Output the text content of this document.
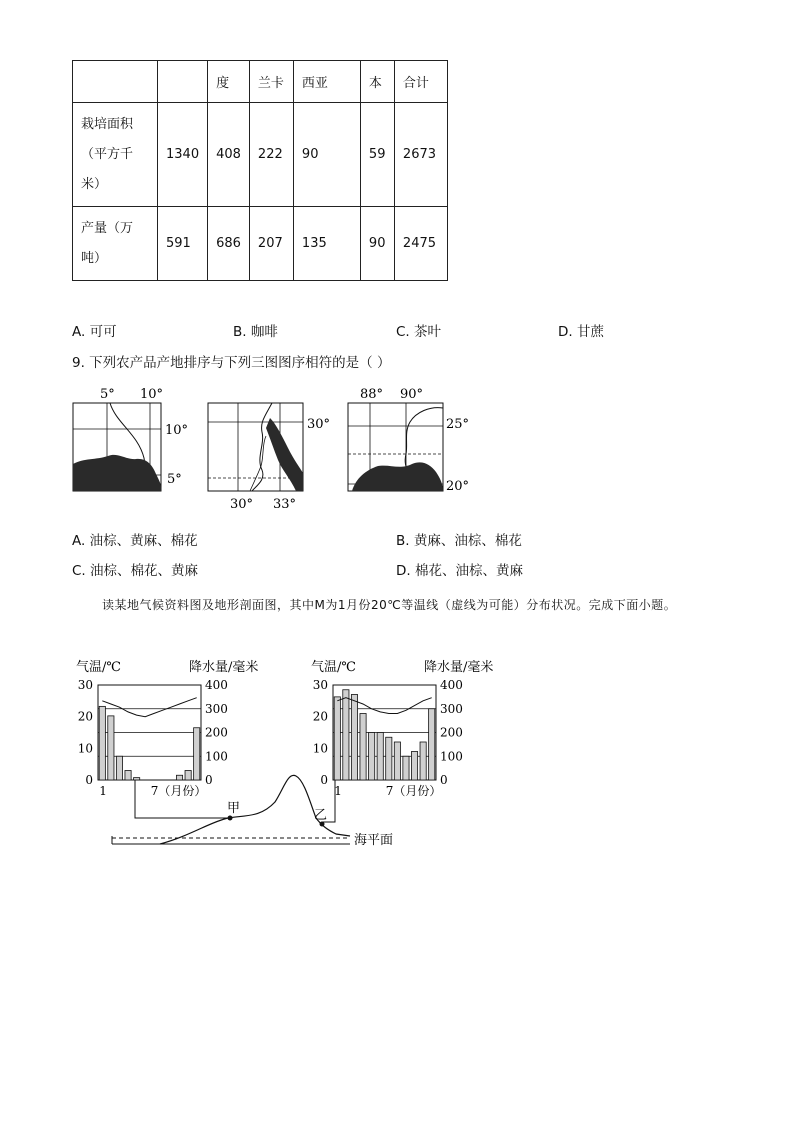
		度	兰卡	西亚	本	合计
栽培面积（平方千米）	1340	408	222	90	59	2673
产量（万吨）	591	686	207	135	90	2475
A. 可可	B. 咖啡	C. 茶叶	D. 甘蔗
9. 下列农产品产地排序与下列三图图序相符的是（ ）
5° 10°
10°
5°
30°
30° 33°
88° 90°
25°
20°
A. 油棕、黄麻、棉花	B. 黄麻、油棕、棉花
C. 油棕、棉花、黄麻	D. 棉花、油棕、黄麻
读某地气候资料图及地形剖面图，其中M为1月份20℃等温线（虚线为可能）分布状况。完成下面小题。
气温/℃	降水量/毫米
30
20
10
0
400
300
200
100
0
1	7（月份）
气温/℃	降水量/毫米
30
20
10
0
400
300
200
100
0
1	7（月份）
甲	乙
海平面
